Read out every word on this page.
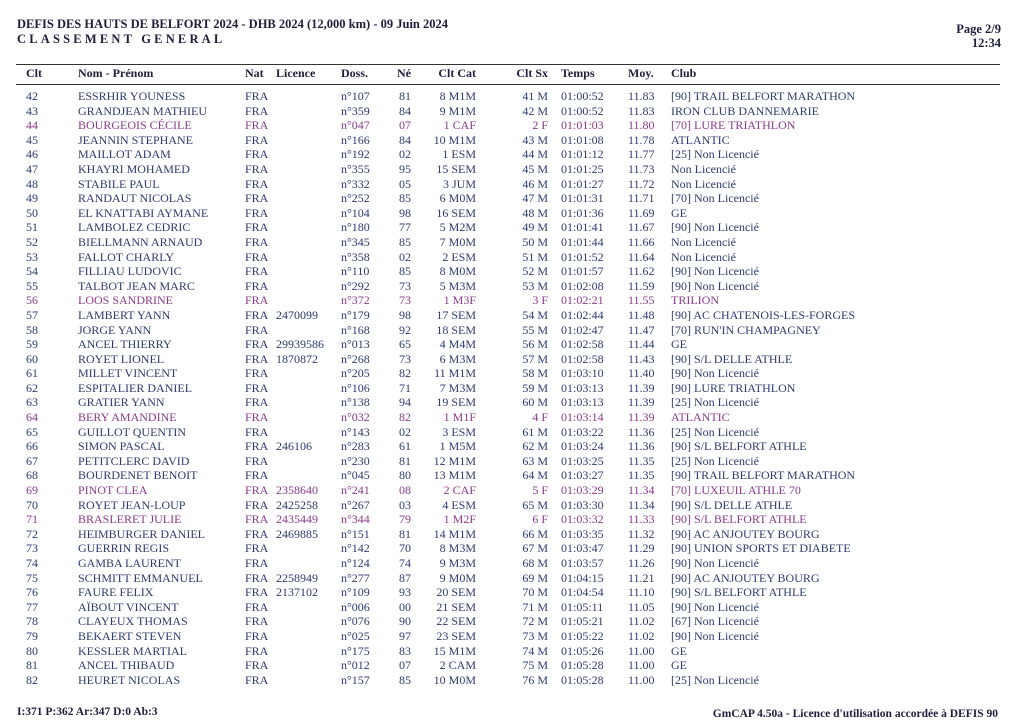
DEFIS DES HAUTS DE BELFORT 2024 - DHB 2024 (12,000 km) - 09 Juin 2024
CLASSEMENT GENERAL
Page 2/9
12:34
Clt	Nom - Prénom	Nat Licence Doss. Né	Clt Cat	Clt Sx Temps	Moy. Club
42	ESSRHIR YOUNESS	FRA	n°107	81	8 M1M	41 M 01:00:52 11.83 [90] TRAIL BELFORT MARATHON
43	GRANDJEAN MATHIEU	FRA	n°359	84	9 M1M	42 M 01:00:52 11.83 IRON CLUB DANNEMARIE
44	BOURGEOIS CÉCILE	FRA	n°047	07	1 CAF	2 F 01:01:03 11.80 [70] LURE TRIATHLON
45	JEANNIN STEPHANE	FRA	n°166	84	10 M1M	43 M 01:01:08 11.78 ATLANTIC
46	MAILLOT ADAM	FRA	n°192	02	1 ESM	44 M 01:01:12 11.77 [25] Non Licencié
47	KHAYRI MOHAMED	FRA	n°355	95	15 SEM	45 M 01:01:25 11.73 Non Licencié
48	STABILE PAUL	FRA	n°332	05	3 JUM	46 M 01:01:27 11.72 Non Licencié
49	RANDAUT NICOLAS	FRA	n°252	85	6 M0M	47 M 01:01:31 11.71 [70] Non Licencié
50	EL KNATTABI AYMANE	FRA	n°104	98	16 SEM	48 M 01:01:36 11.69 GE
51	LAMBOLEZ CEDRIC	FRA	n°180	77	5 M2M	49 M 01:01:41 11.67 [90] Non Licencié
52	BIELLMANN ARNAUD	FRA	n°345	85	7 M0M	50 M 01:01:44 11.66 Non Licencié
53	FALLOT CHARLY	FRA	n°358	02	2 ESM	51 M 01:01:52 11.64 Non Licencié
54	FILLIAU LUDOVIC	FRA	n°110	85	8 M0M	52 M 01:01:57 11.62 [90] Non Licencié
55	TALBOT JEAN MARC	FRA	n°292	73	5 M3M	53 M 01:02:08 11.59 [90] Non Licencié
56	LOOS SANDRINE	FRA	n°372	73	1 M3F	3 F 01:02:21 11.55 TRILION
57	LAMBERT YANN	FRA 2470099 n°179	98	17 SEM	54 M 01:02:44 11.48 [90] AC CHATENOIS-LES-FORGES
58	JORGE YANN	FRA	n°168	92	18 SEM	55 M 01:02:47 11.47 [70] RUN'IN CHAMPAGNEY
59	ANCEL THIERRY	FRA 29939586 n°013	65	4 M4M	56 M 01:02:58 11.44 GE
60	ROYET LIONEL	FRA 1870872 n°268	73	6 M3M	57 M 01:02:58 11.43 [90] S/L DELLE ATHLE
61	MILLET VINCENT	FRA	n°205	82	11 M1M	58 M 01:03:10 11.40 [90] Non Licencié
62	ESPITALIER DANIEL	FRA	n°106	71	7 M3M	59 M 01:03:13 11.39 [90] LURE TRIATHLON
63	GRATIER YANN	FRA	n°138	94	19 SEM	60 M 01:03:13 11.39 [25] Non Licencié
64	BERY AMANDINE	FRA	n°032	82	1 M1F	4 F 01:03:14 11.39 ATLANTIC
65	GUILLOT QUENTIN	FRA	n°143	02	3 ESM	61 M 01:03:22 11.36 [25] Non Licencié
66	SIMON PASCAL	FRA 246106 n°283	61	1 M5M	62 M 01:03:24 11.36 [90] S/L BELFORT ATHLE
67	PETITCLERC DAVID	FRA	n°230	81	12 M1M	63 M 01:03:25 11.35 [25] Non Licencié
68	BOURDENET BENOIT	FRA	n°045	80	13 M1M	64 M 01:03:27 11.35 [90] TRAIL BELFORT MARATHON
69	PINOT CLEA	FRA 2358640 n°241	08	2 CAF	5 F 01:03:29 11.34 [70] LUXEUIL ATHLE 70
70	ROYET JEAN-LOUP	FRA 2425258 n°267	03	4 ESM	65 M 01:03:30 11.34 [90] S/L DELLE ATHLE
71	BRASLERET JULIE	FRA 2435449 n°344	79	1 M2F	6 F 01:03:32 11.33 [90] S/L BELFORT ATHLE
72	HEIMBURGER DANIEL	FRA 2469885 n°151	81	14 M1M	66 M 01:03:35 11.32 [90] AC ANJOUTEY BOURG
73	GUERRIN REGIS	FRA	n°142	70	8 M3M	67 M 01:03:47 11.29 [90] UNION SPORTS ET DIABETE
74	GAMBA LAURENT	FRA	n°124	74	9 M3M	68 M 01:03:57 11.26 [90] Non Licencié
75	SCHMITT EMMANUEL	FRA 2258949 n°277	87	9 M0M	69 M 01:04:15 11.21 [90] AC ANJOUTEY BOURG
76	FAURE FELIX	FRA 2137102 n°109	93	20 SEM	70 M 01:04:54 11.10 [90] S/L BELFORT ATHLE
77	AÏBOUT VINCENT	FRA	n°006	00	21 SEM	71 M 01:05:11 11.05 [90] Non Licencié
78	CLAYEUX THOMAS	FRA	n°076	90	22 SEM	72 M 01:05:21 11.02 [67] Non Licencié
79	BEKAERT STEVEN	FRA	n°025	97	23 SEM	73 M 01:05:22 11.02 [90] Non Licencié
80	KESSLER MARTIAL	FRA	n°175	83	15 M1M	74 M 01:05:26 11.00 GE
81	ANCEL THIBAUD	FRA	n°012	07	2 CAM	75 M 01:05:28 11.00 GE
82	HEURET NICOLAS	FRA	n°157	85	10 M0M	76 M 01:05:28 11.00 [25] Non Licencié
I:371 P:362 Ar:347 D:0 Ab:3	GmCAP 4.50a - Licence d'utilisation accordée à DEFIS 90
